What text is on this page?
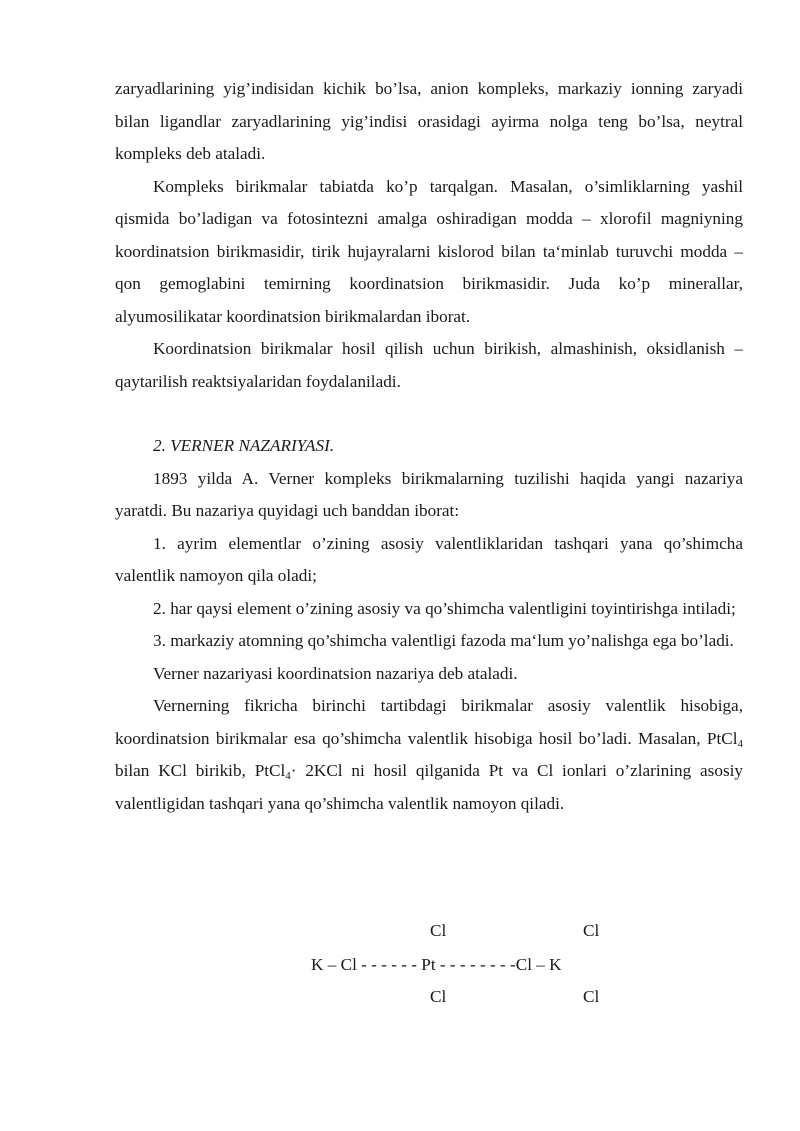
zaryadlarining yig’indisidan kichik bo’lsa, anion kompleks, markaziy ionning zaryadi bilan ligandlar zaryadlarining yig’indisi orasidagi ayirma nolga teng bo’lsa, neytral kompleks deb ataladi.

Kompleks birikmalar tabiatda ko’p tarqalgan. Masalan, o’simliklarning yashil qismida bo’ladigan va fotosintezni amalga oshiradigan modda – xlorofil magniyning koordinatsion birikmasidir, tirik hujayralarni kislorod bilan ta‘minlab turuvchi modda – qon gemoglabini temirning koordinatsion birikmasidir. Juda ko’p minerallar, alyumosilikatar koordinatsion birikmalardan iborat.

Koordinatsion birikmalar hosil qilish uchun birikish, almashinish, oksidlanish – qaytarilish reaktsiyalaridan foydalaniladi.

2. VERNER NAZARIYASI.

1893 yilda A. Verner kompleks birikmalarning tuzilishi haqida yangi nazariya yaratdi. Bu nazariya quyidagi uch banddan iborat:

1. ayrim elementlar o’zining asosiy valentliklaridan tashqari yana qo’shimcha valentlik namoyon qila oladi;

2. har qaysi element o’zining asosiy va qo’shimcha valentligini toyintirishga intiladi;

3. markaziy atomning qo’shimcha valentligi fazoda ma‘lum yo’nalishga ega bo’ladi.

Verner nazariyasi koordinatsion nazariya deb ataladi.

Vernerning fikricha birinchi tartibdagi birikmalar asosiy valentlik hisobiga, koordinatsion birikmalar esa qo’shimcha valentlik hisobiga hosil bo’ladi. Masalan, PtCl$_4$ bilan KCl birikib, PtCl$_4$· 2KCl ni hosil qilganida Pt va Cl ionlari o’zlarining asosiy valentligidan tashqari yana qo’shimcha valentlik namoyon qiladi.

Cl	Cl
K – Cl - - - - - - Pt - - - - - - - -Cl – K
Cl	Cl
